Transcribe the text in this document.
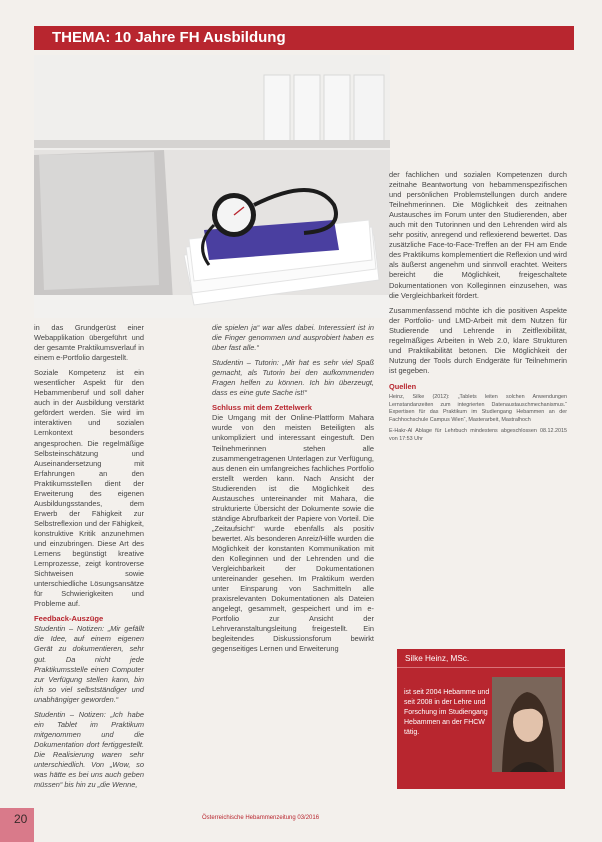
THEMA: 10 Jahre FH Ausbildung

in das Grundgerüst einer Webapplikation übergeführt und der gesamte Praktikumsverlauf in einem e-Portfolio dargestellt.

Soziale Kompetenz ist ein wesentlicher Aspekt für den Hebammenberuf und soll daher auch in der Ausbildung verstärkt gefördert werden. Sie wird im interaktiven und sozialen Lernkontext besonders angesprochen. Die regelmäßige Selbsteinschätzung und Auseinandersetzung mit Erfahrungen an den Praktikumsstellen dient der Erweiterung des eigenen Ausbildungsstandes, dem Erwerb der Fähigkeit zur Selbstreflexion und der Fähigkeit, konstruktive Kritik anzunehmen und einzubringen. Diese Art des Lernens begünstigt kreative Lernprozesse, zeigt kontroverse Sichtweisen sowie unterschiedliche Lösungsansätze für Schwierigkeiten und Probleme auf.

Feedback-Auszüge

Studentin – Notizen: „Mir gefällt die Idee, auf einem eigenen Gerät zu dokumentieren, sehr gut. Da nicht jede Praktikumsstelle einen Computer zur Verfügung stellen kann, bin ich so viel selbstständiger und unabhängiger geworden.“

Studentin – Notizen: „Ich habe ein Tablet im Praktikum mitgenommen und die Dokumentation dort fertiggestellt. Die Realisierung waren sehr unterschiedlich. Von „Wow, so was hätte es bei uns auch geben müssen“ bis hin zu „die Wenne,

die spielen ja“ war alles dabei. Interessiert ist in die Finger genommen und ausprobiert haben es über fast alle.“

Studentin – Tutorin: „Mir hat es sehr viel Spaß gemacht, als Tutorin bei den aufkommenden Fragen helfen zu können. Ich bin überzeugt, dass es eine gute Sache ist!“

Schluss mit dem Zettelwerk

Die Umgang mit der Online-Plattform Mahara wurde von den meisten Beteiligten als unkompliziert und interessant eingestuft. Den Teilnehmerinnen stehen alle zusammengetragenen Unterlagen zur Verfügung, aus denen ein umfangreiches fachliches Portfolio erstellt werden kann. Nach Ansicht der Studierenden ist die Möglichkeit des Austausches untereinander mit Mahara, die strukturierte Übersicht der Dokumente sowie die ständige Abrufbarkeit der Papiere von Vorteil. Die „Zeitaufsicht“ wurde ebenfalls als positiv bewertet. Als besonderen Anreiz/Hilfe wurden die Möglichkeit der konstanten Kommunikation mit den Kolleginnen und der Lehrenden und die Vergleichbarkeit der Dokumentationen untereinander gesehen. Im Praktikum werden unter Einsparung von Sachmitteln alle praxisrelevanten Dokumentationen als Dateien angelegt, gesammelt, gespeichert und im e-Portfolio zur Ansicht der Lehrveranstaltungsleitung freigestellt. Ein begleitendes Diskussionsforum bewirkt gegenseitiges Lernen und Erweiterung

der fachlichen und sozialen Kompetenzen durch zeitnahe Beantwortung von hebammenspezifischen und persönlichen Problemstellungen durch andere Teilnehmerinnen. Die Möglichkeit des zeitnahen Austausches im Forum unter den Studierenden, aber auch mit den Tutorinnen und den Lehrenden wird als sehr positiv, anregend und reflexierend bewertet. Das zusätzliche Face-to-Face-Treffen an der FH am Ende des Praktikums komplementiert die Reflexion und wird als äußerst angenehm und sinnvoll erachtet. Weiters bereicht die Möglichkeit, freigeschaltete Dokumentationen von Kolleginnen einzusehen, was die Vergleichbarkeit fördert.

Zusammenfassend möchte ich die positiven Aspekte der Portfolio- und LMD-Arbeit mit dem Nutzen für Studierende und Lehrende in Zeitflexibilität, regelmäßiges Arbeiten in Web 2.0, klare Strukturen und Praktikabilität betonen. Die Möglichkeit der Nutzung der Tools durch Endgeräte für Teilnehmerin ist gegeben.

Quellen

Heinz, Silke (2012): „Tablets leiten solchen Anwendungen Lernstandanzeiten zum integrierten Datenaustauschmechanismus.“ Expertisen für das Praktikum im Studiengang Hebammen an der Fachhochschule Campus Wien“, Masterarbeit, Mastralhoch

E-Hakr-Al Ablage für Lehrbuch mindestens abgeschlossen 08.12.2015 von 17:53 Uhr

Silke Heinz, MSc.
ist seit 2004 Hebamme und seit 2008 in der Lehre und Forschung im Studiengang Hebammen an der FHCW tätig.
20	Österreichische Hebammenzeitung 03/2016
